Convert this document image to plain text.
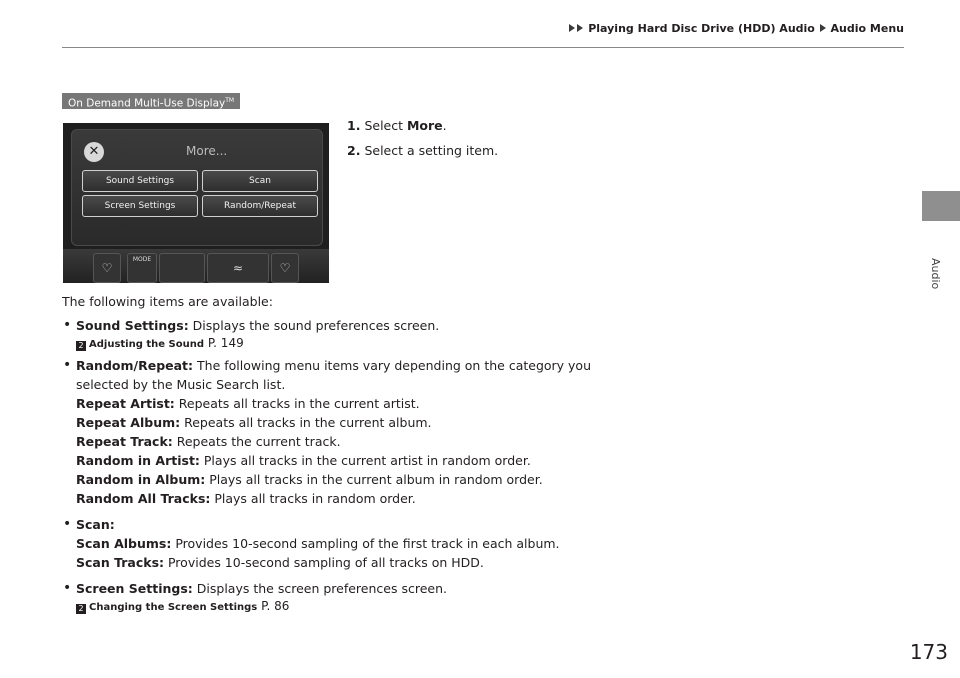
Playing Hard Disc Drive (HDD) Audio Audio Menu
Audio
On Demand Multi-Use Display™
✕	More...
Sound Settings	Scan
Screen Settings	Random/Repeat
♡
MODE
≈	♡
1. Select More.
2. Select a setting item.

The following items are available:

• Sound Settings: Displays the sound preferences screen.

2 Adjusting the Sound P. 149

• Random/Repeat: The following menu items vary depending on the category you selected by the Music Search list.

Repeat Artist: Repeats all tracks in the current artist.

Repeat Album: Repeats all tracks in the current album.

Repeat Track: Repeats the current track.

Random in Artist: Plays all tracks in the current artist in random order.

Random in Album: Plays all tracks in the current album in random order.

Random All Tracks: Plays all tracks in random order.

• Scan:

Scan Albums: Provides 10-second sampling of the first track in each album.

Scan Tracks: Provides 10-second sampling of all tracks on HDD.

• Screen Settings: Displays the screen preferences screen.

2 Changing the Screen Settings P. 86

173
